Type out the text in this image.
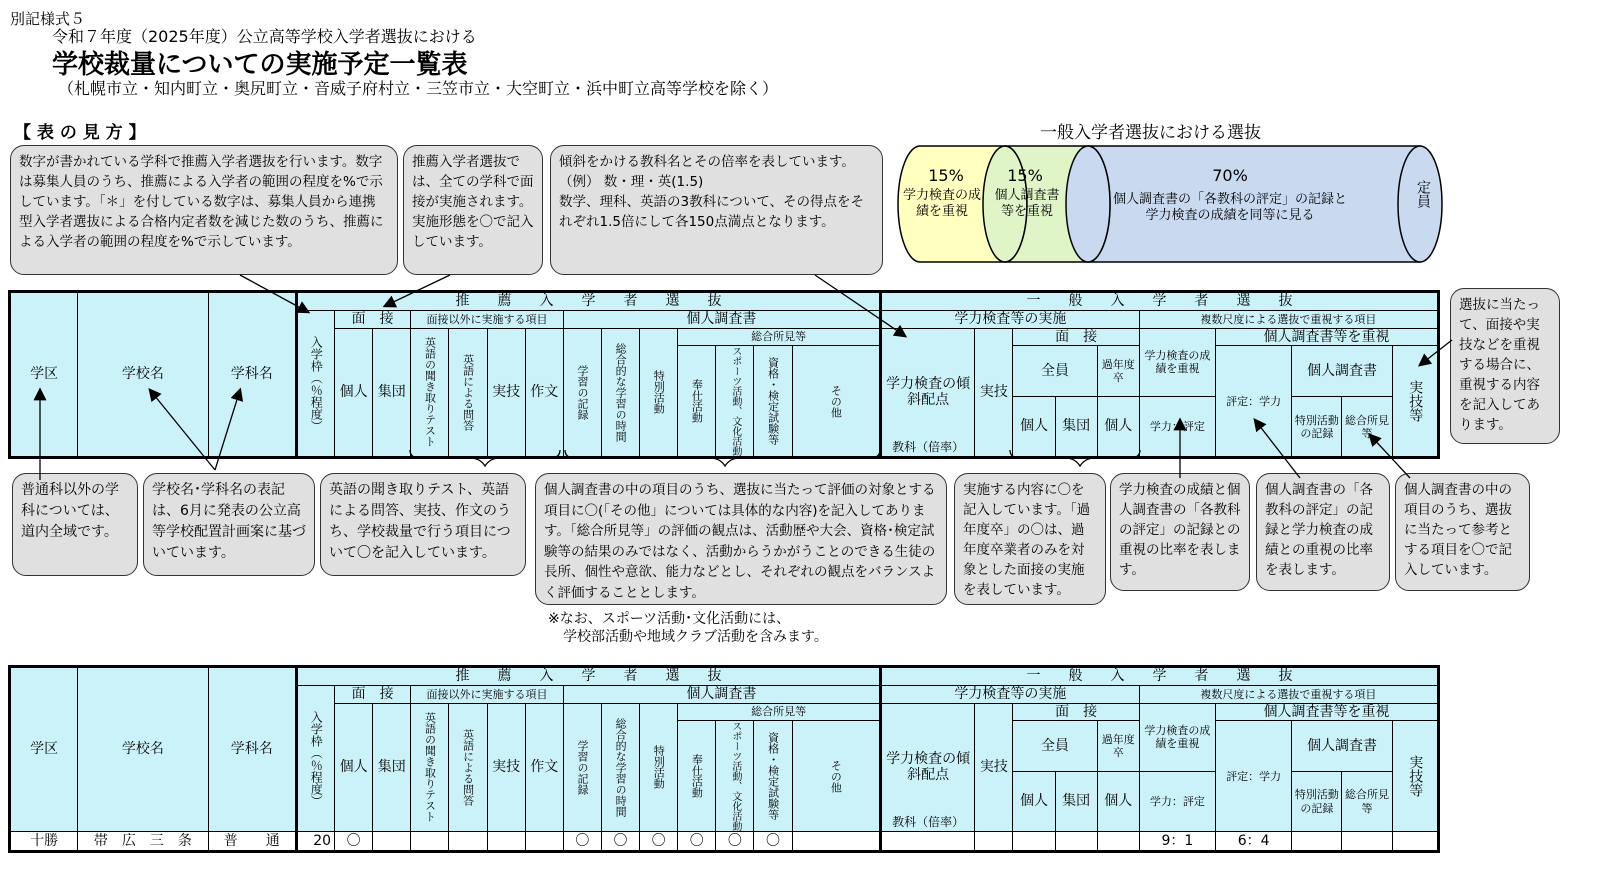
別記様式５
令和７年度（2025年度）公立高等学校入学者選抜における
学校裁量についての実施予定一覧表
（札幌市立・知内町立・奥尻町立・音威子府村立・三笠市立・大空町立・浜中町立高等学校を除く）
【 表 の 見 方 】	一般入学者選抜における選抜
15%
学力検査の成績を重視
15%
個人調査書等を重視
70%
個人調査書の「各教科の評定」の記録と
学力検査の成績を同等に見る
定員
数字が書かれている学科で推薦入学者選抜を行います。数字は募集人員のうち、推薦による入学者の範囲の程度を%で示しています。「＊」を付している数字は、募集人員から連携型入学者選抜による合格内定者数を減じた数のうち、推薦による入学者の範囲の程度を%で示しています。
推薦入学者選抜では、全ての学科で面接が実施されます。実施形態を〇で記入しています。
傾斜をかける教科名とその倍率を表しています。
（例） 数・理・英(1.5)
数学、理科、英語の3教科について、その得点をそれぞれ1.5倍にして各150点満点となります。
選抜に当たって、面接や実技などを重視する場合に、重視する内容を記入してあります。
学区	学校名	学科名	推　　薦　　入　　学　　者　　選　　抜														一　　般　　入　　学　　者　　選　　抜									
			入学枠（％程度）	面　接		面接以外に実施する項目				個人調査書							学力検査等の実施					複数尺度による選抜で重視する項目				
				個人	集団	英語の聞き取りテスト	英語による問答	実技	作文	学習の記録	総合的な学習の時間	特別活動	総合所見等				学力検査の傾斜配点
教科（倍率）	実技	面　接			学力検査の成績を重視	個人調査書等を重視			
													奉仕活動	スポーツ活動、文化活動	資格・検定試験等	その他			全員		過年度卒		評定：学力	個人調査書		実技等
																			個人	集団	個人	学力：評定		特別活動の記録	総合所見等	
普通科以外の学科については、道内全域です。
学校名･学科名の表記は、6月に発表の公立高等学校配置計画案に基づいています。
英語の聞き取りテスト、英語による問答、実技、作文のうち、学校裁量で行う項目について〇を記入しています。
個人調査書の中の項目のうち、選抜に当たって評価の対象とする項目に〇(「その他」については具体的な内容)を記入してあります。「総合所見等」の評価の観点は、活動歴や大会、資格･検定試験等の結果のみではなく、活動からうかがうことのできる生徒の長所、個性や意欲、能力などとし、それぞれの観点をバランスよく評価することとします。
実施する内容に〇を記入しています。「過年度卒」の〇は、過年度卒業者のみを対象とした面接の実施を表しています。
学力検査の成績と個人調査書の「各教科の評定」の記録との重視の比率を表します。
個人調査書の「各教科の評定」の記録と学力検査の成績との重視の比率を表します。
個人調査書の中の項目のうち、選抜に当たって参考とする項目を〇で記入しています。
※なお、スポーツ活動･文化活動には、
学校部活動や地域クラブ活動を含みます。
学区	学校名	学科名	推　　薦　　入　　学　　者　　選　　抜														一　　般　　入　　学　　者　　選　　抜									
			入学枠（％程度）	面　接		面接以外に実施する項目				個人調査書							学力検査等の実施					複数尺度による選抜で重視する項目				
				個人	集団	英語の聞き取りテスト	英語による問答	実技	作文	学習の記録	総合的な学習の時間	特別活動	総合所見等				学力検査の傾斜配点
教科（倍率）	実技	面　接			学力検査の成績を重視	個人調査書等を重視			
													奉仕活動	スポーツ活動、文化活動	資格・検定試験等	その他			全員		過年度卒		評定：学力	個人調査書		実技等
																			個人	集団	個人	学力：評定		特別活動の記録	総合所見等	
十勝	帯　広　三　条	普　　通	20	〇						〇	〇	〇	〇	〇	〇							9：1	6：4			
